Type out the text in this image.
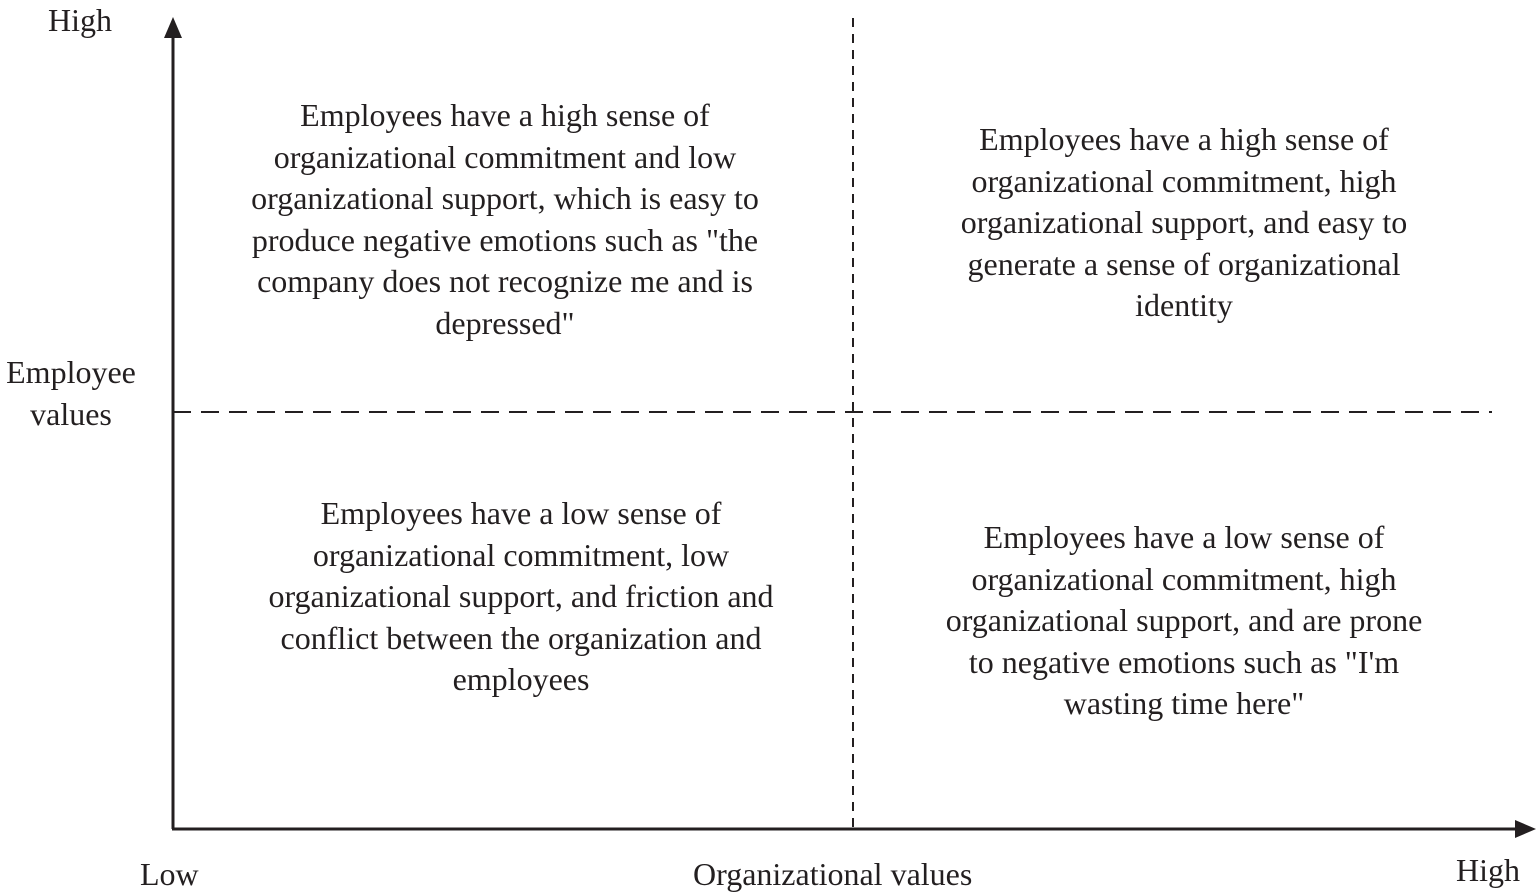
High
Employee values
Low	Organizational values	High
Employees have a high sense of organizational commitment and low organizational support, which is easy to produce negative emotions such as "the company does not recognize me and is depressed"
Employees have a high sense of organizational commitment, high organizational support, and easy to generate a sense of organizational identity
Employees have a low sense of organizational commitment, low organizational support, and friction and conflict between the organization and employees
Employees have a low sense of organizational commitment, high organizational support, and are prone to negative emotions such as "I'm wasting time here"
